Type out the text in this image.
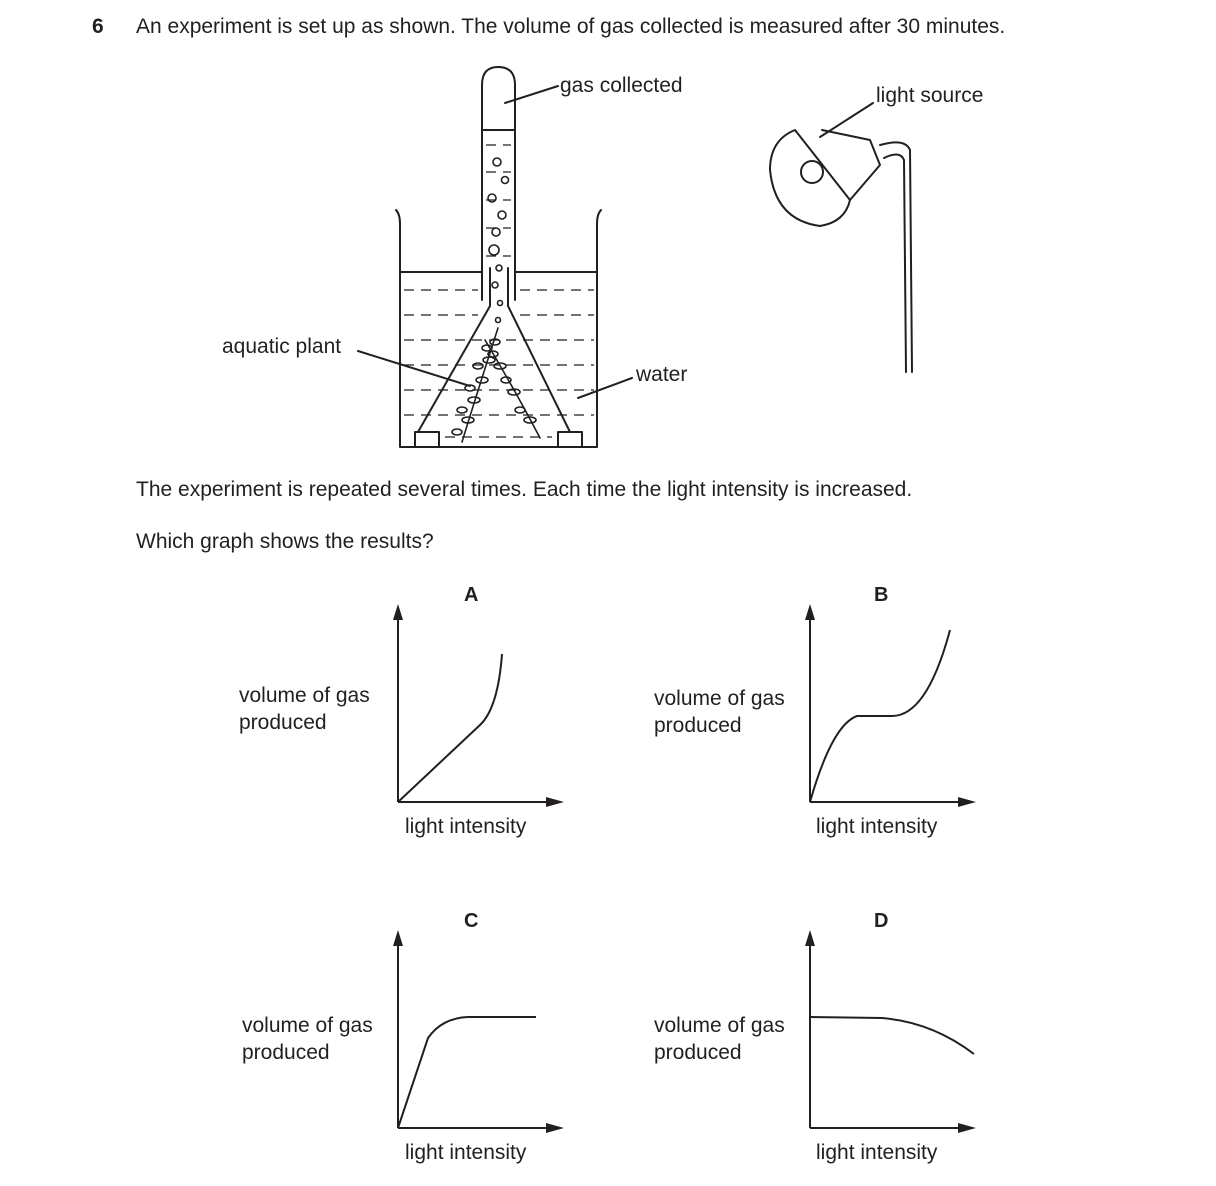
6 An experiment is set up as shown. The volume of gas collected is measured after 30 minutes.
gas collected	light source
aquatic plant
water
The experiment is repeated several times. Each time the light intensity is increased.
Which graph shows the results?
A
volume of gas
produced
light intensity
B
volume of gas
produced
light intensity
C
volume of gas
produced
light intensity
D
volume of gas
produced
light intensity
